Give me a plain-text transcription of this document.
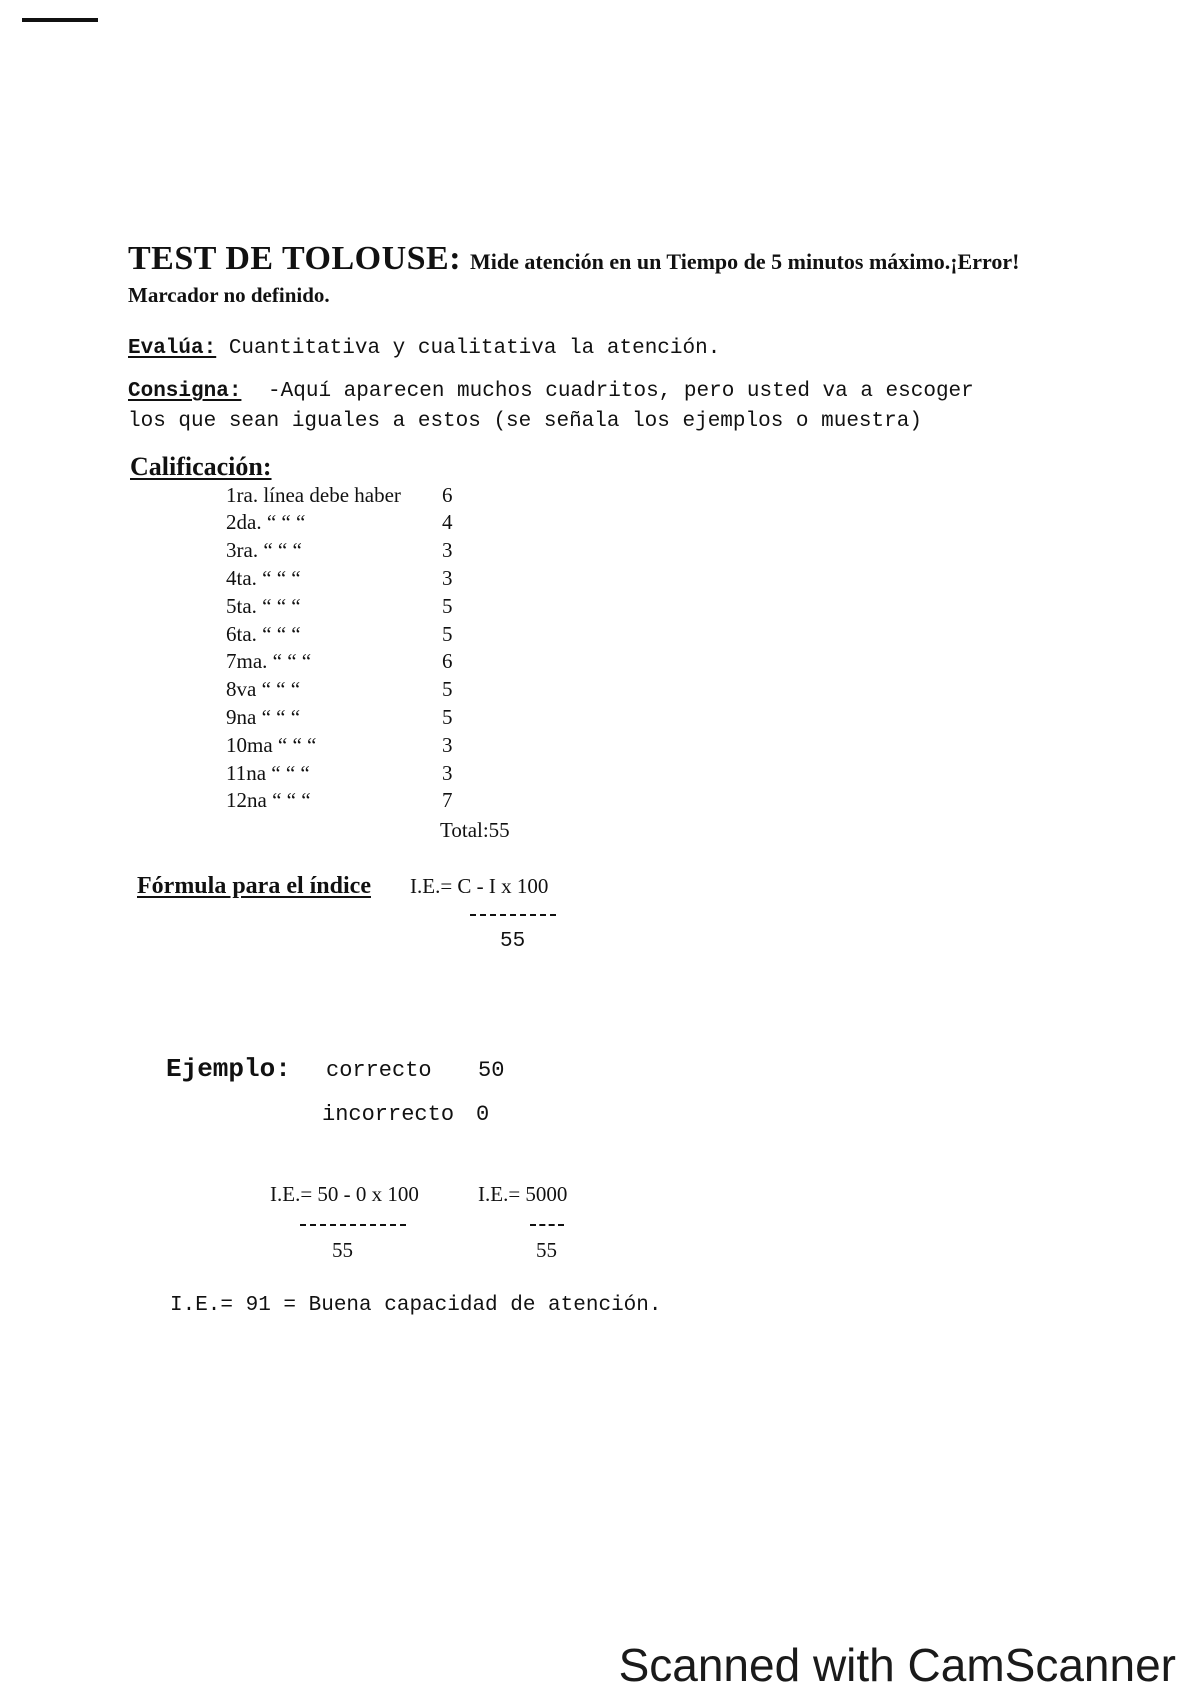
TEST DE TOLOUSE: Mide atención en un Tiempo de 5 minutos máximo.¡Error!
Marcador no definido.
Evalúa: Cuantitativa y cualitativa la atención.
Consigna: -Aquí aparecen muchos cuadritos, pero usted va a escoger
los que sean iguales a estos (se señala los ejemplos o muestra)
Calificación:
1ra. línea debe haber 6
2da. “ “ “	4
3ra. “ “ “	3
4ta. “ “ “	3
5ta. “ “ “	5
6ta. “ “ “	5
7ma. “ “ “	6
8va “ “ “	5
9na “ “ “	5
10ma “ “ “	3
11na “ “ “	3
12na “ “ “	7
Total:55
Fórmula para el índice I.E.= C - I x 100
55
Ejemplo: correcto 50
incorrecto 0
I.E.= 50 - 0 x 100
55
I.E.= 5000
55
I.E.= 91 = Buena capacidad de atención.
Scanned with CamScanner
